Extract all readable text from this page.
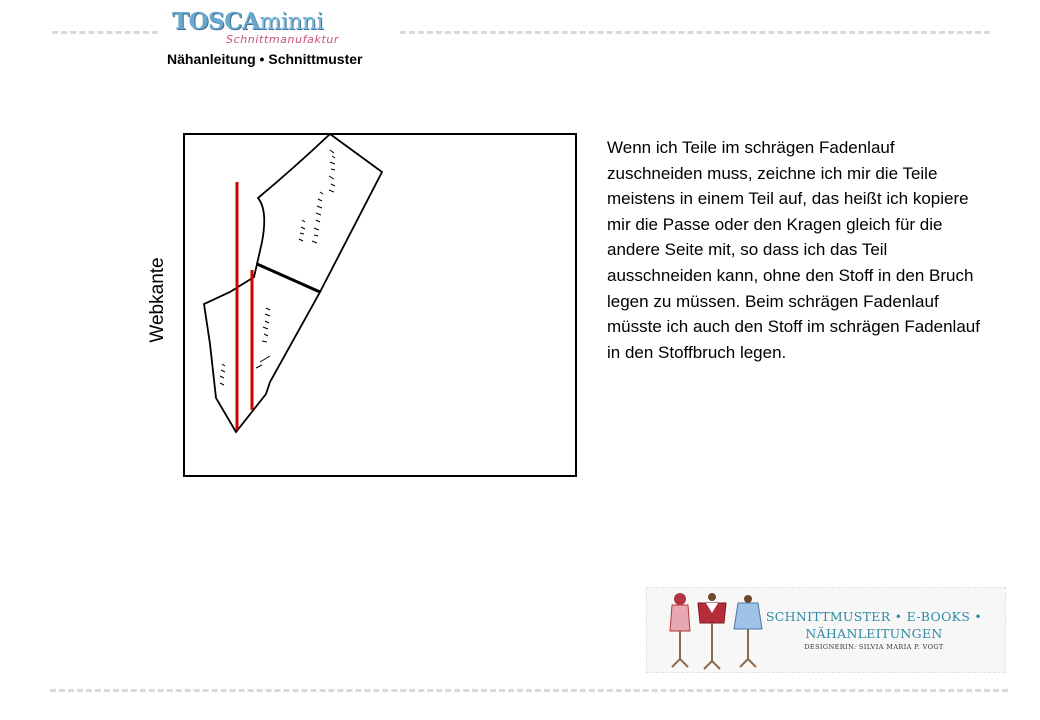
TOSCAminni
Schnittmanufaktur
Nähanleitung • Schnittmuster
Webkante

Wenn ich Teile im schrägen Fadenlauf zuschneiden muss, zeichne ich mir die Teile meistens in einem Teil auf, das heißt ich kopiere mir die Passe oder den Kragen gleich für die andere Seite mit, so dass ich das Teil ausschneiden kann, ohne den Stoff in den Bruch legen zu müssen. Beim schrägen Fadenlauf müsste ich auch den Stoff im schrägen Fadenlauf in den Stoffbruch legen.

SCHNITTMUSTER • E-BOOKS •
NÄHANLEITUNGEN
DESIGNERIN: SILVIA MARIA P. VOGT
